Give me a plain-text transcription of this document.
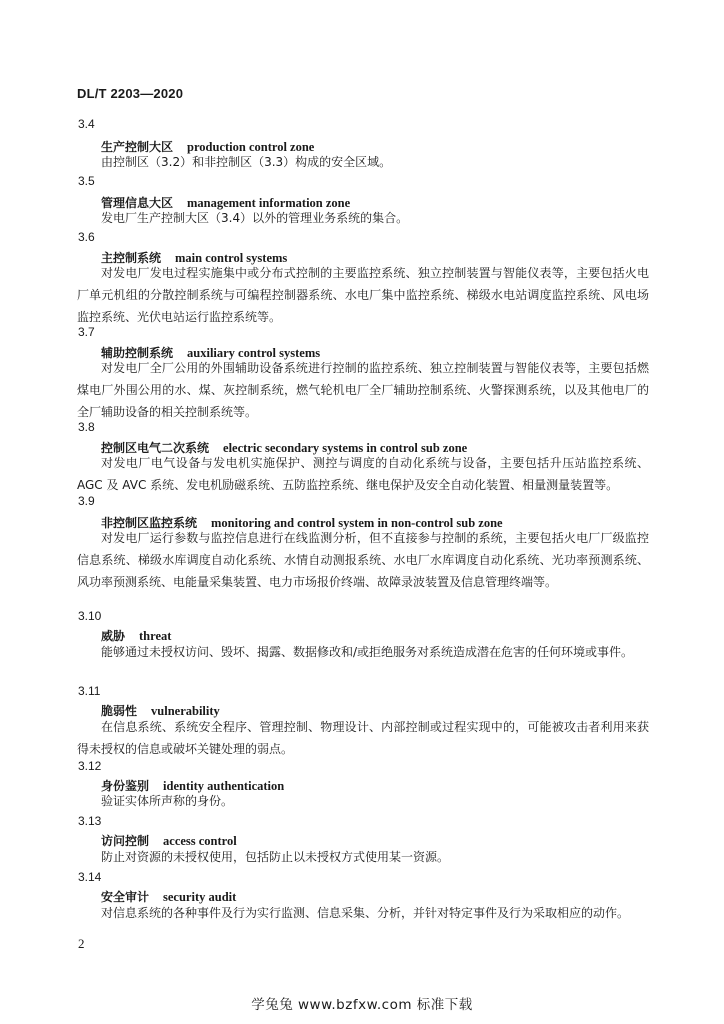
DL/T 2203—2020
3.4
生产控制大区 production control zone
由控制区（3.2）和非控制区（3.3）构成的安全区域。
3.5
管理信息大区 management information zone
发电厂生产控制大区（3.4）以外的管理业务系统的集合。
3.6
主控制系统 main control systems
对发电厂发电过程实施集中或分布式控制的主要监控系统、独立控制装置与智能仪表等，主要包括火电厂单元机组的分散控制系统与可编程控制器系统、水电厂集中监控系统、梯级水电站调度监控系统、风电场监控系统、光伏电站运行监控系统等。
3.7
辅助控制系统 auxiliary control systems
对发电厂全厂公用的外围辅助设备系统进行控制的监控系统、独立控制装置与智能仪表等，主要包括燃煤电厂外围公用的水、煤、灰控制系统，燃气轮机电厂全厂辅助控制系统、火警探测系统，以及其他电厂的全厂辅助设备的相关控制系统等。
3.8
控制区电气二次系统 electric secondary systems in control sub zone
对发电厂电气设备与发电机实施保护、测控与调度的自动化系统与设备，主要包括升压站监控系统、AGC 及 AVC 系统、发电机励磁系统、五防监控系统、继电保护及安全自动化装置、相量测量装置等。
3.9
非控制区监控系统 monitoring and control system in non-control sub zone
对发电厂运行参数与监控信息进行在线监测分析，但不直接参与控制的系统，主要包括火电厂厂级监控信息系统、梯级水库调度自动化系统、水情自动测报系统、水电厂水库调度自动化系统、光功率预测系统、风功率预测系统、电能量采集装置、电力市场报价终端、故障录波装置及信息管理终端等。
3.10
威胁 threat
能够通过未授权访问、毁坏、揭露、数据修改和/或拒绝服务对系统造成潜在危害的任何环境或事件。
3.11
脆弱性 vulnerability
在信息系统、系统安全程序、管理控制、物理设计、内部控制或过程实现中的，可能被攻击者利用来获得未授权的信息或破坏关键处理的弱点。
3.12
身份鉴别 identity authentication
验证实体所声称的身份。
3.13
访问控制 access control
防止对资源的未授权使用，包括防止以未授权方式使用某一资源。
3.14
安全审计 security audit
对信息系统的各种事件及行为实行监测、信息采集、分析，并针对特定事件及行为采取相应的动作。
2
学兔兔 www.bzfxw.com 标准下载
